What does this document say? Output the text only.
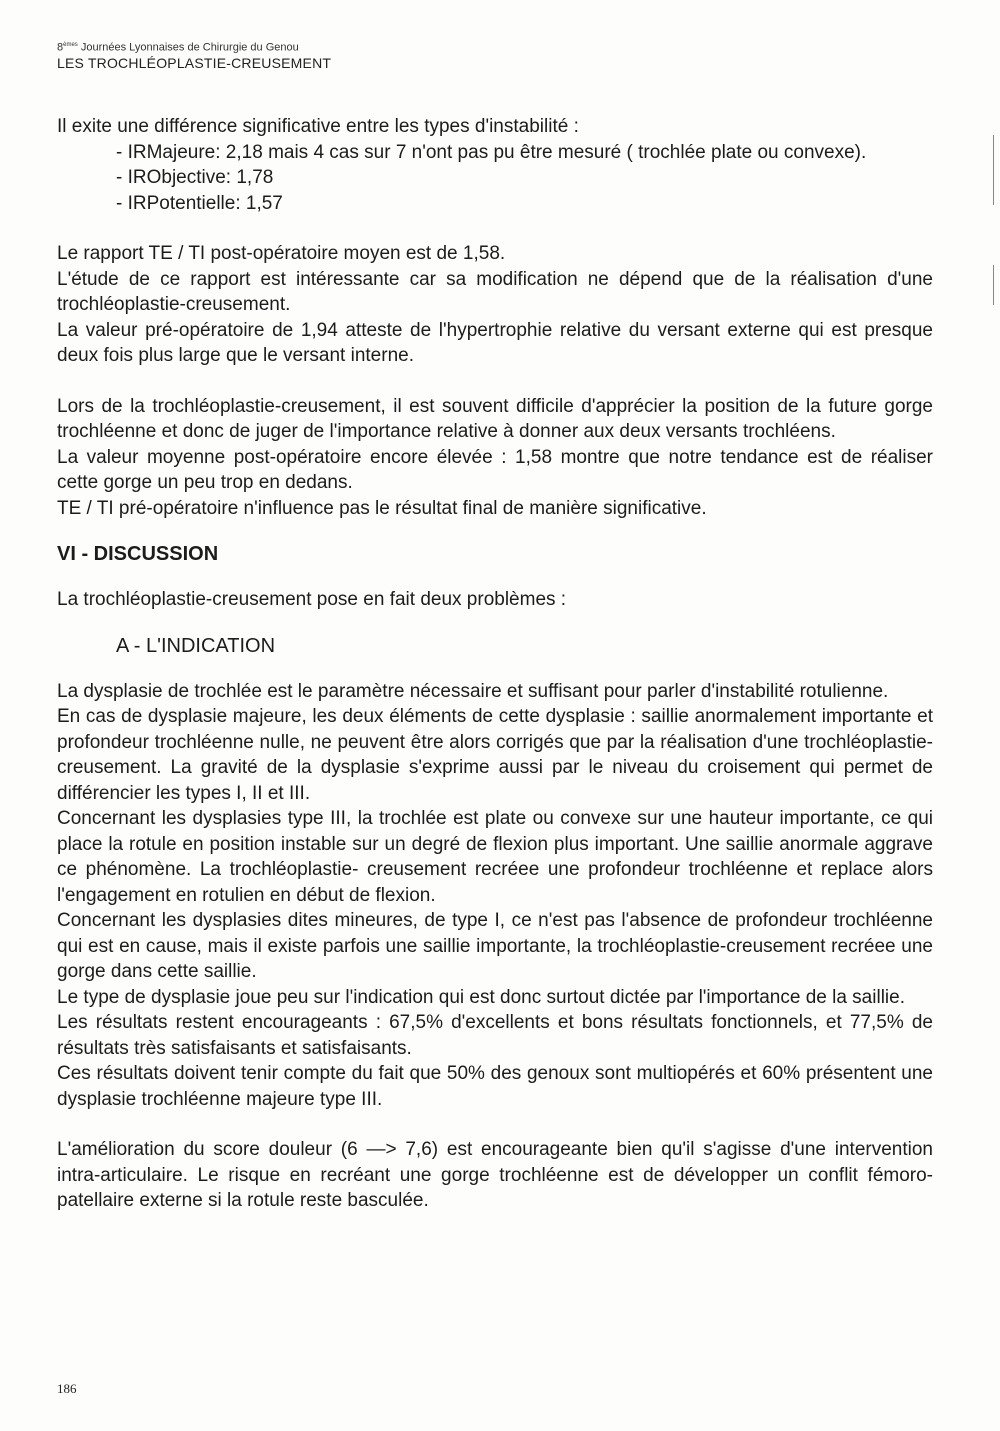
8èmes Journées Lyonnaises de Chirurgie du Genou
LES TROCHLÉOPLASTIE-CREUSEMENT

Il exite une différence significative entre les types d'instabilité :

- IRMajeure: 2,18 mais 4 cas sur 7 n'ont pas pu être mesuré ( trochlée plate ou convexe).
- IRObjective: 1,78
- IRPotentielle: 1,57

Le rapport TE / TI post-opératoire moyen est de 1,58.

L'étude de ce rapport est intéressante car sa modification ne dépend que de la réalisation d'une trochléoplastie-creusement.

La valeur pré-opératoire de 1,94 atteste de l'hypertrophie relative du versant externe qui est presque deux fois plus large que le versant interne.

Lors de la trochléoplastie-creusement, il est souvent difficile d'apprécier la position de la future gorge trochléenne et donc de juger de l'importance relative à donner aux deux versants trochléens.

La valeur moyenne post-opératoire encore élevée : 1,58 montre que notre tendance est de réaliser cette gorge un peu trop en dedans.

TE / TI pré-opératoire n'influence pas le résultat final de manière significative.

VI - DISCUSSION

La trochléoplastie-creusement pose en fait deux problèmes :

A - L'INDICATION

La dysplasie de trochlée est le paramètre nécessaire et suffisant pour parler d'instabilité rotulienne.

En cas de dysplasie majeure, les deux éléments de cette dysplasie : saillie anormalement importante et profondeur trochléenne nulle, ne peuvent être alors corrigés que par la réalisation d'une trochléoplastie-creusement. La gravité de la dysplasie s'exprime aussi par le niveau du croisement qui permet de différencier les types I, II et III.

Concernant les dysplasies type III, la trochlée est plate ou convexe sur une hauteur importante, ce qui place la rotule en position instable sur un degré de flexion plus important. Une saillie anormale aggrave ce phénomène. La trochléoplastie- creusement recréee une profondeur trochléenne et replace alors l'engagement en rotulien en début de flexion.

Concernant les dysplasies dites mineures, de type I, ce n'est pas l'absence de profondeur trochléenne qui est en cause, mais il existe parfois une saillie importante, la trochléoplastie-creusement recréee une gorge dans cette saillie.

Le type de dysplasie joue peu sur l'indication qui est donc surtout dictée par l'importance de la saillie.

Les résultats restent encourageants : 67,5% d'excellents et bons résultats fonctionnels, et 77,5% de résultats très satisfaisants et satisfaisants.

Ces résultats doivent tenir compte du fait que 50% des genoux sont multiopérés et 60% présentent une dysplasie trochléenne majeure type III.

L'amélioration du score douleur (6 —> 7,6) est encourageante bien qu'il s'agisse d'une intervention intra-articulaire. Le risque en recréant une gorge trochléenne est de développer un conflit fémoro-patellaire externe si la rotule reste basculée.

186
